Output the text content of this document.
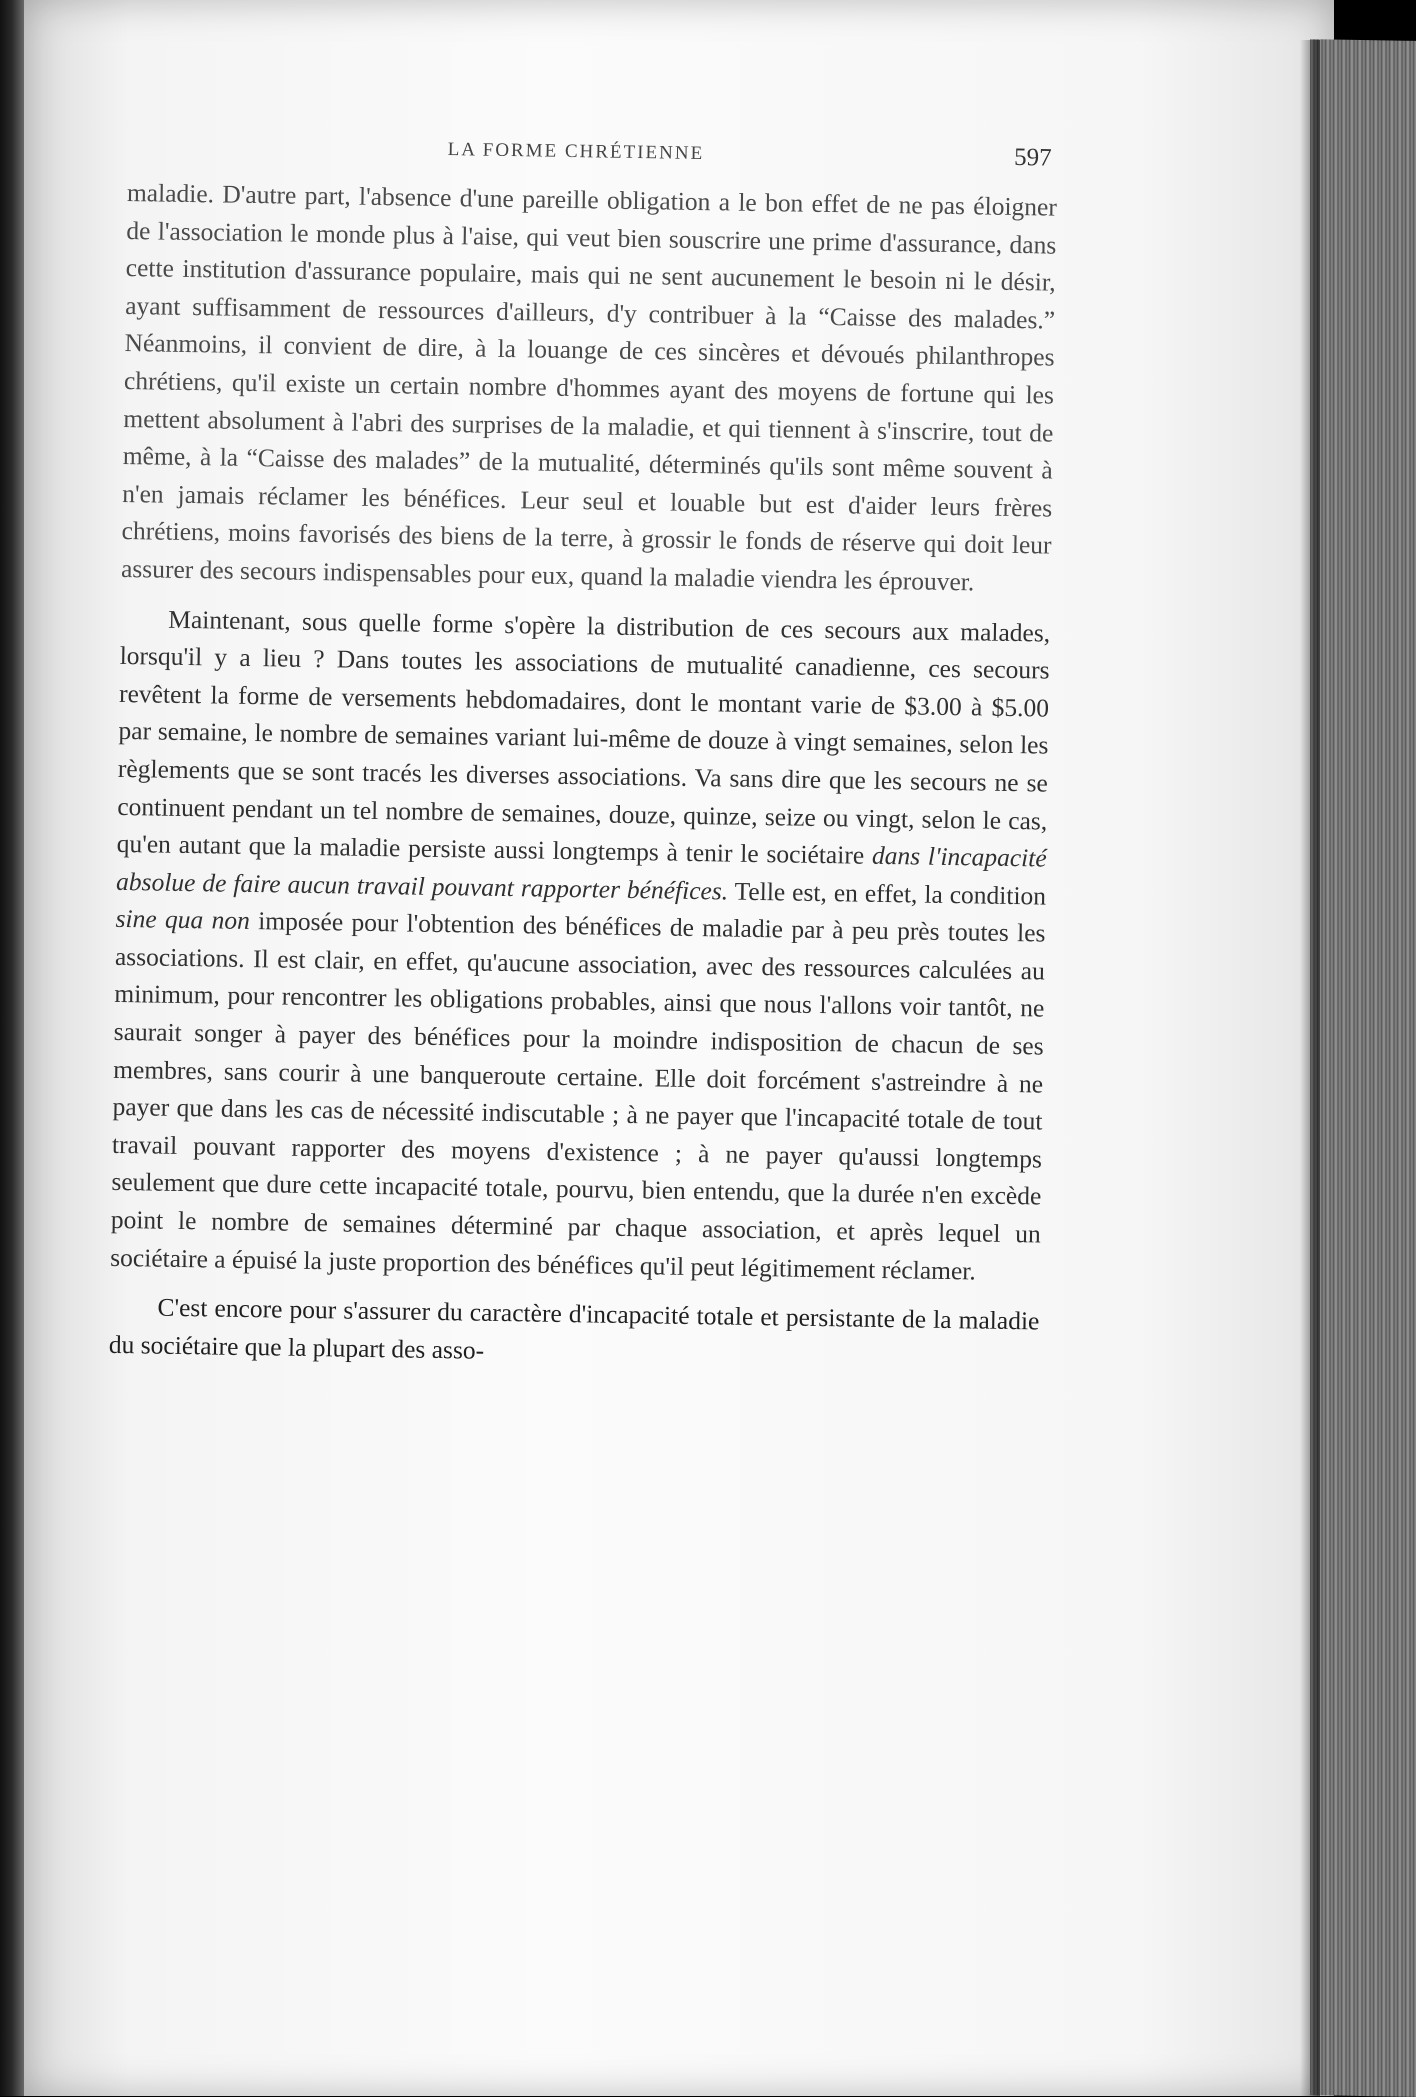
LA FORME CHRÉTIENNE	597

maladie. D'autre part, l'absence d'une pareille obligation a le bon effet de ne pas éloigner de l'association le monde plus à l'aise, qui veut bien souscrire une prime d'assurance, dans cette institution d'assurance populaire, mais qui ne sent aucunement le besoin ni le désir, ayant suffisamment de ressources d'ailleurs, d'y contribuer à la “Caisse des malades.” Néanmoins, il convient de dire, à la louange de ces sincères et dévoués philanthropes chrétiens, qu'il existe un certain nombre d'hommes ayant des moyens de fortune qui les mettent absolument à l'abri des surprises de la maladie, et qui tiennent à s'inscrire, tout de même, à la “Caisse des malades” de la mutualité, déterminés qu'ils sont même souvent à n'en jamais réclamer les bénéfices. Leur seul et louable but est d'aider leurs frères chrétiens, moins favorisés des biens de la terre, à grossir le fonds de réserve qui doit leur assurer des secours indispensables pour eux, quand la maladie viendra les éprouver.

Maintenant, sous quelle forme s'opère la distribution de ces secours aux malades, lorsqu'il y a lieu ? Dans toutes les associations de mutualité canadienne, ces secours revêtent la forme de versements hebdomadaires, dont le montant varie de $3.00 à $5.00 par semaine, le nombre de semaines variant lui-même de douze à vingt semaines, selon les règlements que se sont tracés les diverses associations. Va sans dire que les secours ne se continuent pendant un tel nombre de semaines, douze, quinze, seize ou vingt, selon le cas, qu'en autant que la maladie persiste aussi longtemps à tenir le sociétaire dans l'incapacité absolue de faire aucun travail pouvant rapporter bénéfices. Telle est, en effet, la condition sine qua non imposée pour l'obtention des bénéfices de maladie par à peu près toutes les associations. Il est clair, en effet, qu'aucune association, avec des ressources calculées au minimum, pour rencontrer les obligations probables, ainsi que nous l'allons voir tantôt, ne saurait songer à payer des bénéfices pour la moindre indisposition de chacun de ses membres, sans courir à une banqueroute certaine. Elle doit forcément s'astreindre à ne payer que dans les cas de nécessité indiscutable ; à ne payer que l'incapacité totale de tout travail pouvant rapporter des moyens d'existence ; à ne payer qu'aussi longtemps seulement que dure cette incapacité totale, pourvu, bien entendu, que la durée n'en excède point le nombre de semaines déterminé par chaque association, et après lequel un sociétaire a épuisé la juste proportion des bénéfices qu'il peut légitimement réclamer.

C'est encore pour s'assurer du caractère d'incapacité totale et persistante de la maladie du sociétaire que la plupart des asso-
